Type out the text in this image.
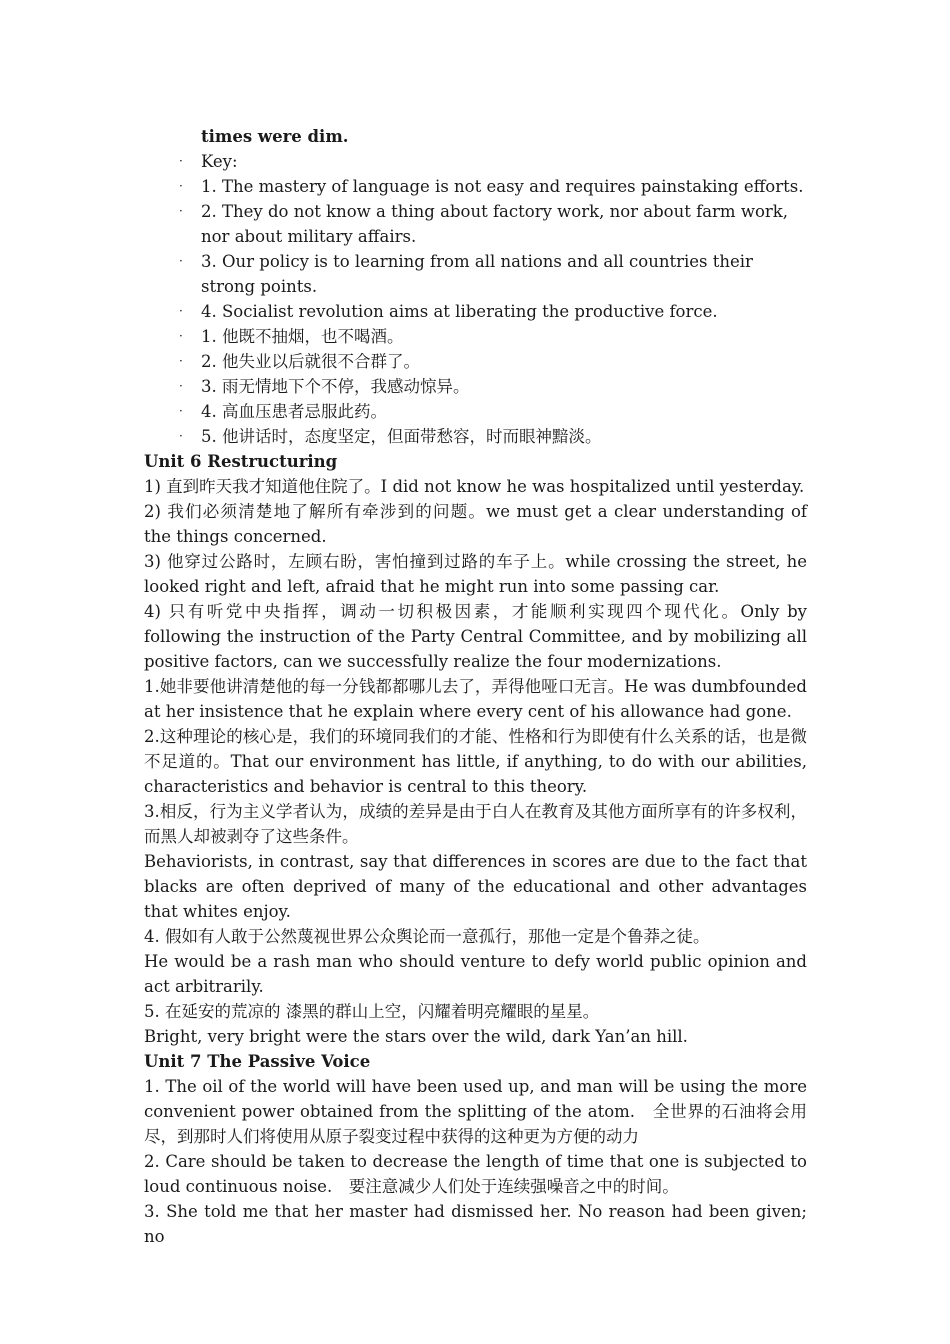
times were dim.
· Key:
· 1. The mastery of language is not easy and requires painstaking efforts.
· 2. They do not know a thing about factory work, nor about farm work, nor about military affairs.
· 3. Our policy is to learning from all nations and all countries their strong points.
· 4. Socialist revolution aims at liberating the productive force.
· 1. 他既不抽烟，也不喝酒。
· 2. 他失业以后就很不合群了。
· 3. 雨无情地下个不停，我感动惊异。
· 4. 高血压患者忌服此药。
· 5. 他讲话时，态度坚定，但面带愁容，时而眼神黯淡。

Unit 6 Restructuring

1) 直到昨天我才知道他住院了。I did not know he was hospitalized until yesterday.

2) 我们必须清楚地了解所有牵涉到的问题。we must get a clear understanding of the things concerned.

3) 他穿过公路时，左顾右盼，害怕撞到过路的车子上。while crossing the street, he looked right and left, afraid that he might run into some passing car.

4) 只有听党中央指挥，调动一切积极因素，才能顺利实现四个现代化。Only by following the instruction of the Party Central Committee, and by mobilizing all positive factors, can we successfully realize the four modernizations.

1.她非要他讲清楚他的每一分钱都都哪儿去了，弄得他哑口无言。He was dumbfounded at her insistence that he explain where every cent of his allowance had gone.

2.这种理论的核心是，我们的环境同我们的才能、性格和行为即使有什么关系的话，也是微不足道的。That our environment has little, if anything, to do with our abilities, characteristics and behavior is central to this theory.

3.相反，行为主义学者认为，成绩的差异是由于白人在教育及其他方面所享有的许多权利，而黑人却被剥夺了这些条件。

Behaviorists, in contrast, say that differences in scores are due to the fact that blacks are often deprived of many of the educational and other advantages that whites enjoy.

4. 假如有人敢于公然蔑视世界公众舆论而一意孤行，那他一定是个鲁莽之徒。

He would be a rash man who should venture to defy world public opinion and act arbitrarily.

5. 在延安的荒凉的 漆黑的群山上空，闪耀着明亮耀眼的星星。

Bright, very bright were the stars over the wild, dark Yan’an hill.

Unit 7 The Passive Voice

1. The oil of the world will have been used up, and man will be using the more convenient power obtained from the splitting of the atom.　全世界的石油将会用尽，到那时人们将使用从原子裂变过程中获得的这种更为方便的动力

2. Care should be taken to decrease the length of time that one is subjected to loud continuous noise.　要注意减少人们处于连续强噪音之中的时间。

3. She told me that her master had dismissed her. No reason had been given; no
